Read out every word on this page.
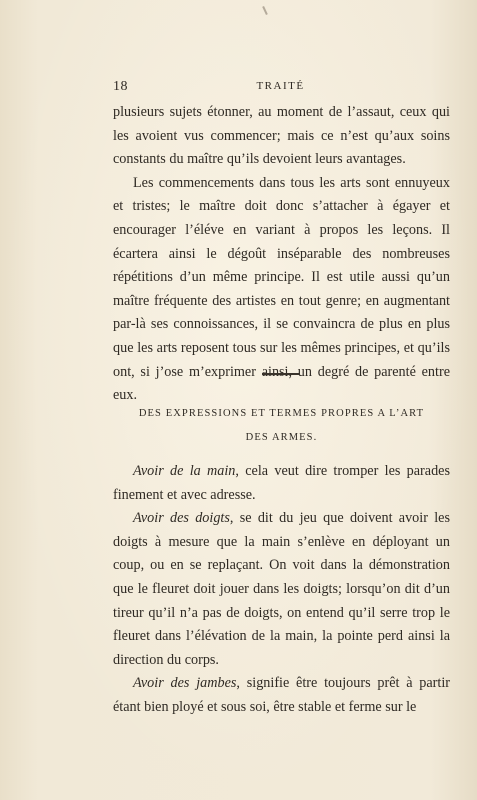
18	TRAITÉ

plusieurs sujets étonner, au moment de l’assaut, ceux qui les avoient vus commencer; mais ce n’est qu’aux soins constants du maître qu’ils devoient leurs avantages.

Les commencements dans tous les arts sont ennuyeux et tristes; le maître doit donc s’attacher à égayer et encourager l’éléve en variant à propos les leçons. Il écartera ainsi le dégoût inséparable des nombreuses répétitions d’un même principe. Il est utile aussi qu’un maître fréquente des artistes en tout genre; en augmentant par-là ses connoissances, il se convaincra de plus en plus que les arts reposent tous sur les mêmes principes, et qu’ils ont, si j’ose m’exprimer ainsi, un degré de parenté entre eux.

DES EXPRESSIONS ET TERMES PROPRES A L’ART
DES ARMES.

Avoir de la main, cela veut dire tromper les parades finement et avec adresse.

Avoir des doigts, se dit du jeu que doivent avoir les doigts à mesure que la main s’enlève en déployant un coup, ou en se replaçant. On voit dans la démonstration que le fleuret doit jouer dans les doigts; lorsqu’on dit d’un tireur qu’il n’a pas de doigts, on entend qu’il serre trop le fleuret dans l’élévation de la main, la pointe perd ainsi la direction du corps.

Avoir des jambes, signifie être toujours prêt à partir étant bien ployé et sous soi, être stable et ferme sur le
